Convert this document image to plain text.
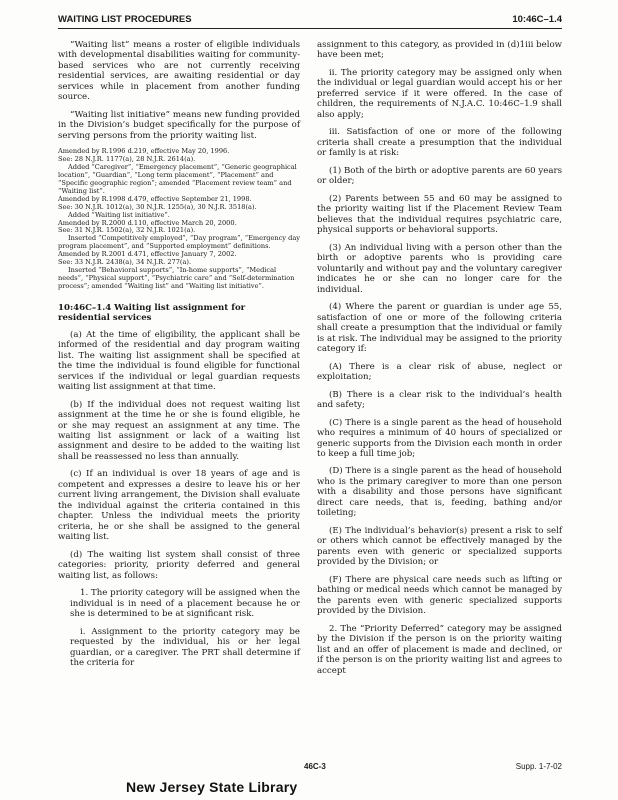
WAITING LIST PROCEDURES	10:46C–1.4

“Waiting list” means a roster of eligible individuals with developmental disabilities waiting for community-based services who are not currently receiving residential services, are awaiting residential or day services while in placement from another funding source.

“Waiting list initiative” means new funding provided in the Division’s budget specifically for the purpose of serving persons from the priority waiting list.

Amended by R.1996 d.219, effective May 20, 1996.
See: 28 N.J.R. 1177(a), 28 N.J.R. 2614(a).
Added “Caregiver”, “Emergency placement”, “Generic geographical location”, “Guardian”, “Long term placement”, “Placement” and “Specific geographic region”; amended “Placement review team” and “Waiting list”.
Amended by R.1998 d.479, effective September 21, 1998.
See: 30 N.J.R. 1012(a), 30 N.J.R. 1255(a), 30 N.J.R. 3518(a).
Added “Waiting list initiative”.
Amended by R.2000 d.110, effective March 20, 2000.
See: 31 N.J.R. 1502(a), 32 N.J.R. 1021(a).
Inserted “Competitively employed”, “Day program”, “Emergency day program placement”, and “Supported employment” definitions.
Amended by R.2001 d.471, effective January 7, 2002.
See: 33 N.J.R. 2438(a), 34 N.J.R. 277(a).
Inserted “Behavioral supports”, “In-home supports”, “Medical needs”, “Physical support”, “Psychiatric care” and “Self-determination process”; amended “Waiting list” and “Waiting list initiative”.
10:46C–1.4 Waiting list assignment for residential services

(a) At the time of eligibility, the applicant shall be informed of the residential and day program waiting list. The waiting list assignment shall be specified at the time the individual is found eligible for functional services if the individual or legal guardian requests waiting list assignment at that time.

(b) If the individual does not request waiting list assignment at the time he or she is found eligible, he or she may request an assignment at any time. The waiting list assignment or lack of a waiting list assignment and desire to be added to the waiting list shall be reassessed no less than annually.

(c) If an individual is over 18 years of age and is competent and expresses a desire to leave his or her current living arrangement, the Division shall evaluate the individual against the criteria contained in this chapter. Unless the individual meets the priority criteria, he or she shall be assigned to the general waiting list.

(d) The waiting list system shall consist of three categories: priority, priority deferred and general waiting list, as follows:

1. The priority category will be assigned when the individual is in need of a placement because he or she is determined to be at significant risk.

i. Assignment to the priority category may be requested by the individual, his or her legal guardian, or a caregiver. The PRT shall determine if the criteria for

assignment to this category, as provided in (d)1iii below have been met;

ii. The priority category may be assigned only when the individual or legal guardian would accept his or her preferred service if it were offered. In the case of children, the requirements of N.J.A.C. 10:46C–1.9 shall also apply;

iii. Satisfaction of one or more of the following criteria shall create a presumption that the individual or family is at risk:

(1) Both of the birth or adoptive parents are 60 years or older;

(2) Parents between 55 and 60 may be assigned to the priority waiting list if the Placement Review Team believes that the individual requires psychiatric care, physical supports or behavioral supports.

(3) An individual living with a person other than the birth or adoptive parents who is providing care voluntarily and without pay and the voluntary caregiver indicates he or she can no longer care for the individual.

(4) Where the parent or guardian is under age 55, satisfaction of one or more of the following criteria shall create a presumption that the individual or family is at risk. The individual may be assigned to the priority category if:

(A) There is a clear risk of abuse, neglect or exploitation;

(B) There is a clear risk to the individual’s health and safety;

(C) There is a single parent as the head of household who requires a minimum of 40 hours of specialized or generic supports from the Division each month in order to keep a full time job;

(D) There is a single parent as the head of household who is the primary caregiver to more than one person with a disability and those persons have significant direct care needs, that is, feeding, bathing and/or toileting;

(E) The individual’s behavior(s) present a risk to self or others which cannot be effectively managed by the parents even with generic or specialized supports provided by the Division; or

(F) There are physical care needs such as lifting or bathing or medical needs which cannot be managed by the parents even with generic specialized supports provided by the Division.

2. The “Priority Deferred” category may be assigned by the Division if the person is on the priority waiting list and an offer of placement is made and declined, or if the person is on the priority waiting list and agrees to accept

46C-3	Supp. 1-7-02
New Jersey State Library
